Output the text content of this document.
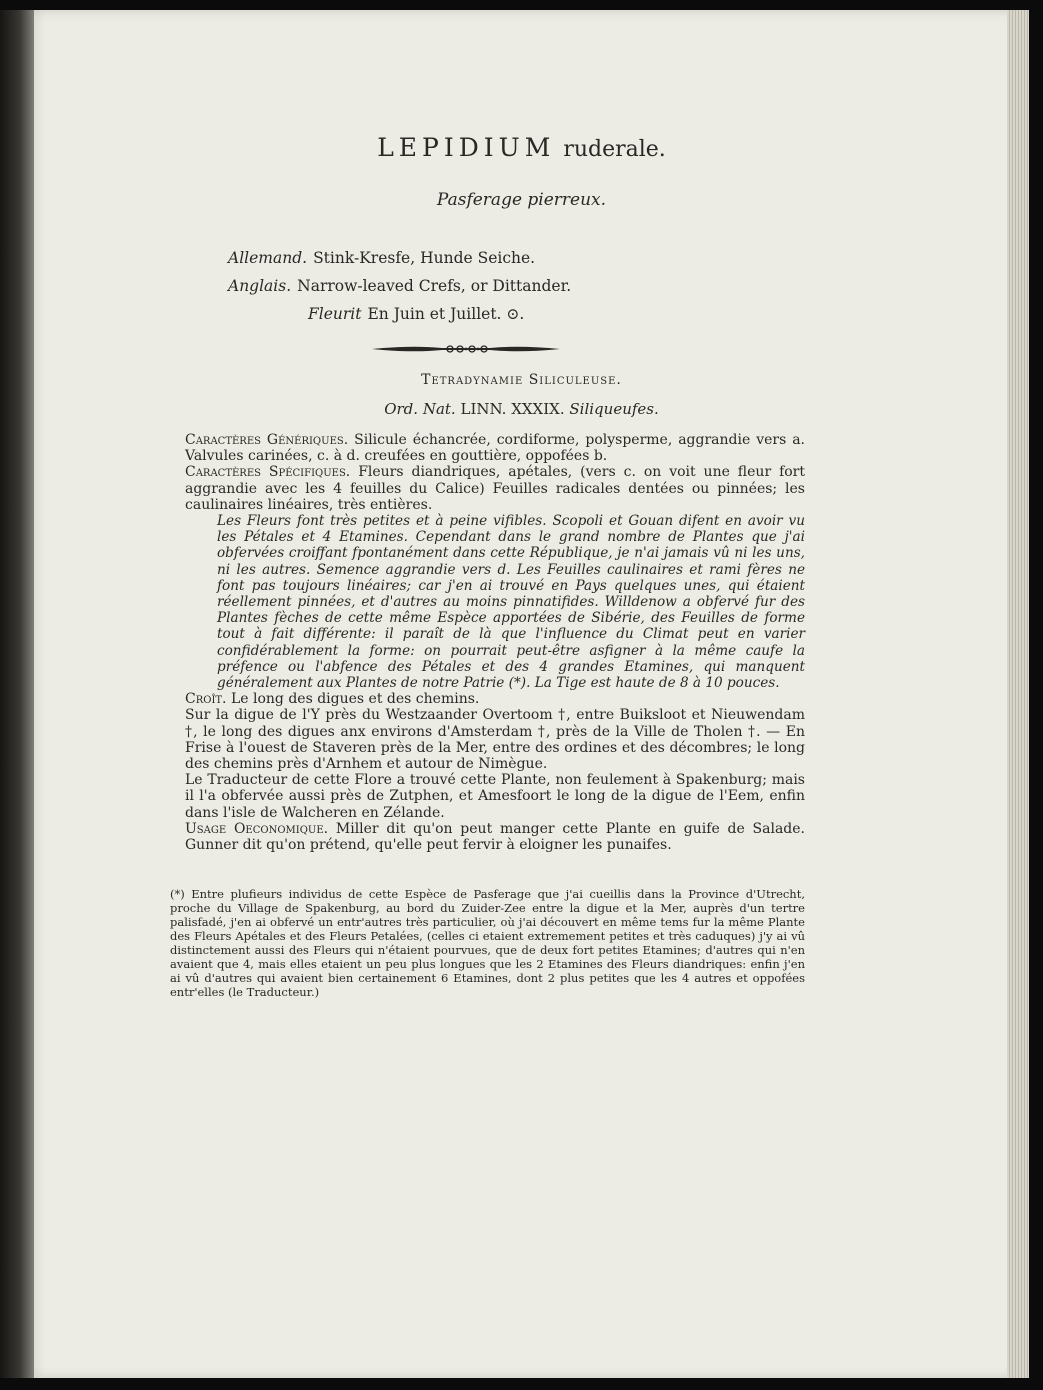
LEPIDIUM ruderale.
Pasferage pierreux.
Allemand. Stink-Kresfe, Hunde Seiche.
Anglais. Narrow-leaved Crefs, or Dittander.
Fleurit En Juin et Juillet. ⊙.
Tetradynamie Siliculeuse.
Ord. Nat. LINN. XXXIX. Siliqueufes.

Caractères Génériques. Silicule échancrée, cordiforme, polysperme, aggrandie vers a. Valvules carinées, c. à d. creufées en gouttière, oppofées b.

Caractères Spécifiques. Fleurs diandriques, apétales, (vers c. on voit une fleur fort aggrandie avec les 4 feuilles du Calice) Feuilles radicales dentées ou pinnées; les caulinaires linéaires, très entières.

Les Fleurs font très petites et à peine vifibles. Scopoli et Gouan difent en avoir vu les Pétales et 4 Etamines. Cependant dans le grand nombre de Plantes que j'ai obfervées croiffant fpontanément dans cette République, je n'ai jamais vû ni les uns, ni les autres. Semence aggrandie vers d. Les Feuilles caulinaires et rami fères ne font pas toujours linéaires; car j'en ai trouvé en Pays quelques unes, qui étaient réellement pinnées, et d'autres au moins pinnatifides. Willdenow a obfervé fur des Plantes fèches de cette même Espèce apportées de Sibérie, des Feuilles de forme tout à fait différente: il paraît de là que l'influence du Climat peut en varier confidérablement la forme: on pourrait peut-être asfigner à la même caufe la préfence ou l'abfence des Pétales et des 4 grandes Etamines, qui manquent généralement aux Plantes de notre Patrie (*). La Tige est haute de 8 à 10 pouces.

Croît. Le long des digues et des chemins.

Sur la digue de l'Y près du Westzaander Overtoom †, entre Buiksloot et Nieuwendam †, le long des digues anx environs d'Amsterdam †, près de la Ville de Tholen †. — En Frise à l'ouest de Staveren près de la Mer, entre des ordines et des décombres; le long des chemins près d'Arnhem et autour de Nimègue.

Le Traducteur de cette Flore a trouvé cette Plante, non feulement à Spakenburg; mais il l'a obfervée aussi près de Zutphen, et Amesfoort le long de la digue de l'Eem, enfin dans l'isle de Walcheren en Zélande.

Usage Oeconomique. Miller dit qu'on peut manger cette Plante en guife de Salade. Gunner dit qu'on prétend, qu'elle peut fervir à eloigner les punaifes.

(*) Entre plufieurs individus de cette Espèce de Pasferage que j'ai cueillis dans la Province d'Utrecht, proche du Village de Spakenburg, au bord du Zuider-Zee entre la digue et la Mer, auprès d'un tertre palisfadé, j'en ai obfervé un entr'autres très particulier, où j'ai découvert en même tems fur la même Plante des Fleurs Apétales et des Fleurs Petalées, (celles ci etaient extremement petites et très caduques) j'y ai vû distinctement aussi des Fleurs qui n'étaient pourvues, que de deux fort petites Etamines; d'autres qui n'en avaient que 4, mais elles etaient un peu plus longues que les 2 Etamines des Fleurs diandriques: enfin j'en ai vû d'autres qui avaient bien certainement 6 Etamines, dont 2 plus petites que les 4 autres et oppofées entr'elles (le Traducteur.)
